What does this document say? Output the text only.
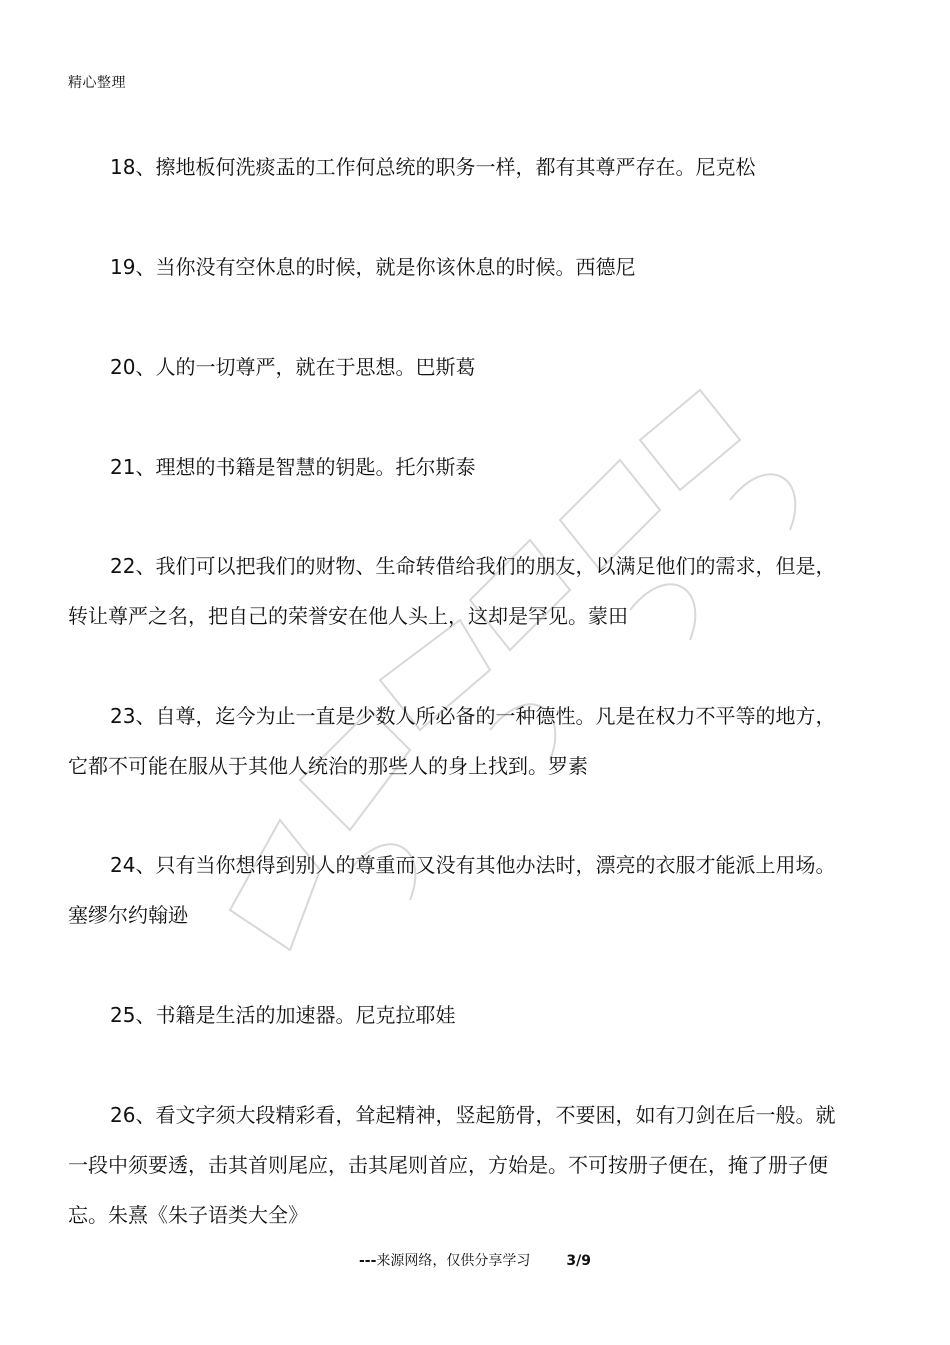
精心整理

18、擦地板何洗痰盂的工作何总统的职务一样，都有其尊严存在。尼克松

19、当你没有空休息的时候，就是你该休息的时候。西德尼

20、人的一切尊严，就在于思想。巴斯葛

21、理想的书籍是智慧的钥匙。托尔斯泰

22、我们可以把我们的财物、生命转借给我们的朋友，以满足他们的需求，但是，转让尊严之名，把自己的荣誉安在他人头上，这却是罕见。蒙田

23、自尊，迄今为止一直是少数人所必备的一种德性。凡是在权力不平等的地方，它都不可能在服从于其他人统治的那些人的身上找到。罗素

24、只有当你想得到别人的尊重而又没有其他办法时，漂亮的衣服才能派上用场。塞缪尔约翰逊

25、书籍是生活的加速器。尼克拉耶娃

26、看文字须大段精彩看，耸起精神，竖起筋骨，不要困，如有刀剑在后一般。就一段中须要透，击其首则尾应，击其尾则首应，方始是。不可按册子便在，掩了册子便忘。朱熹《朱子语类大全》

---来源网络，仅供分享学习	3/9
